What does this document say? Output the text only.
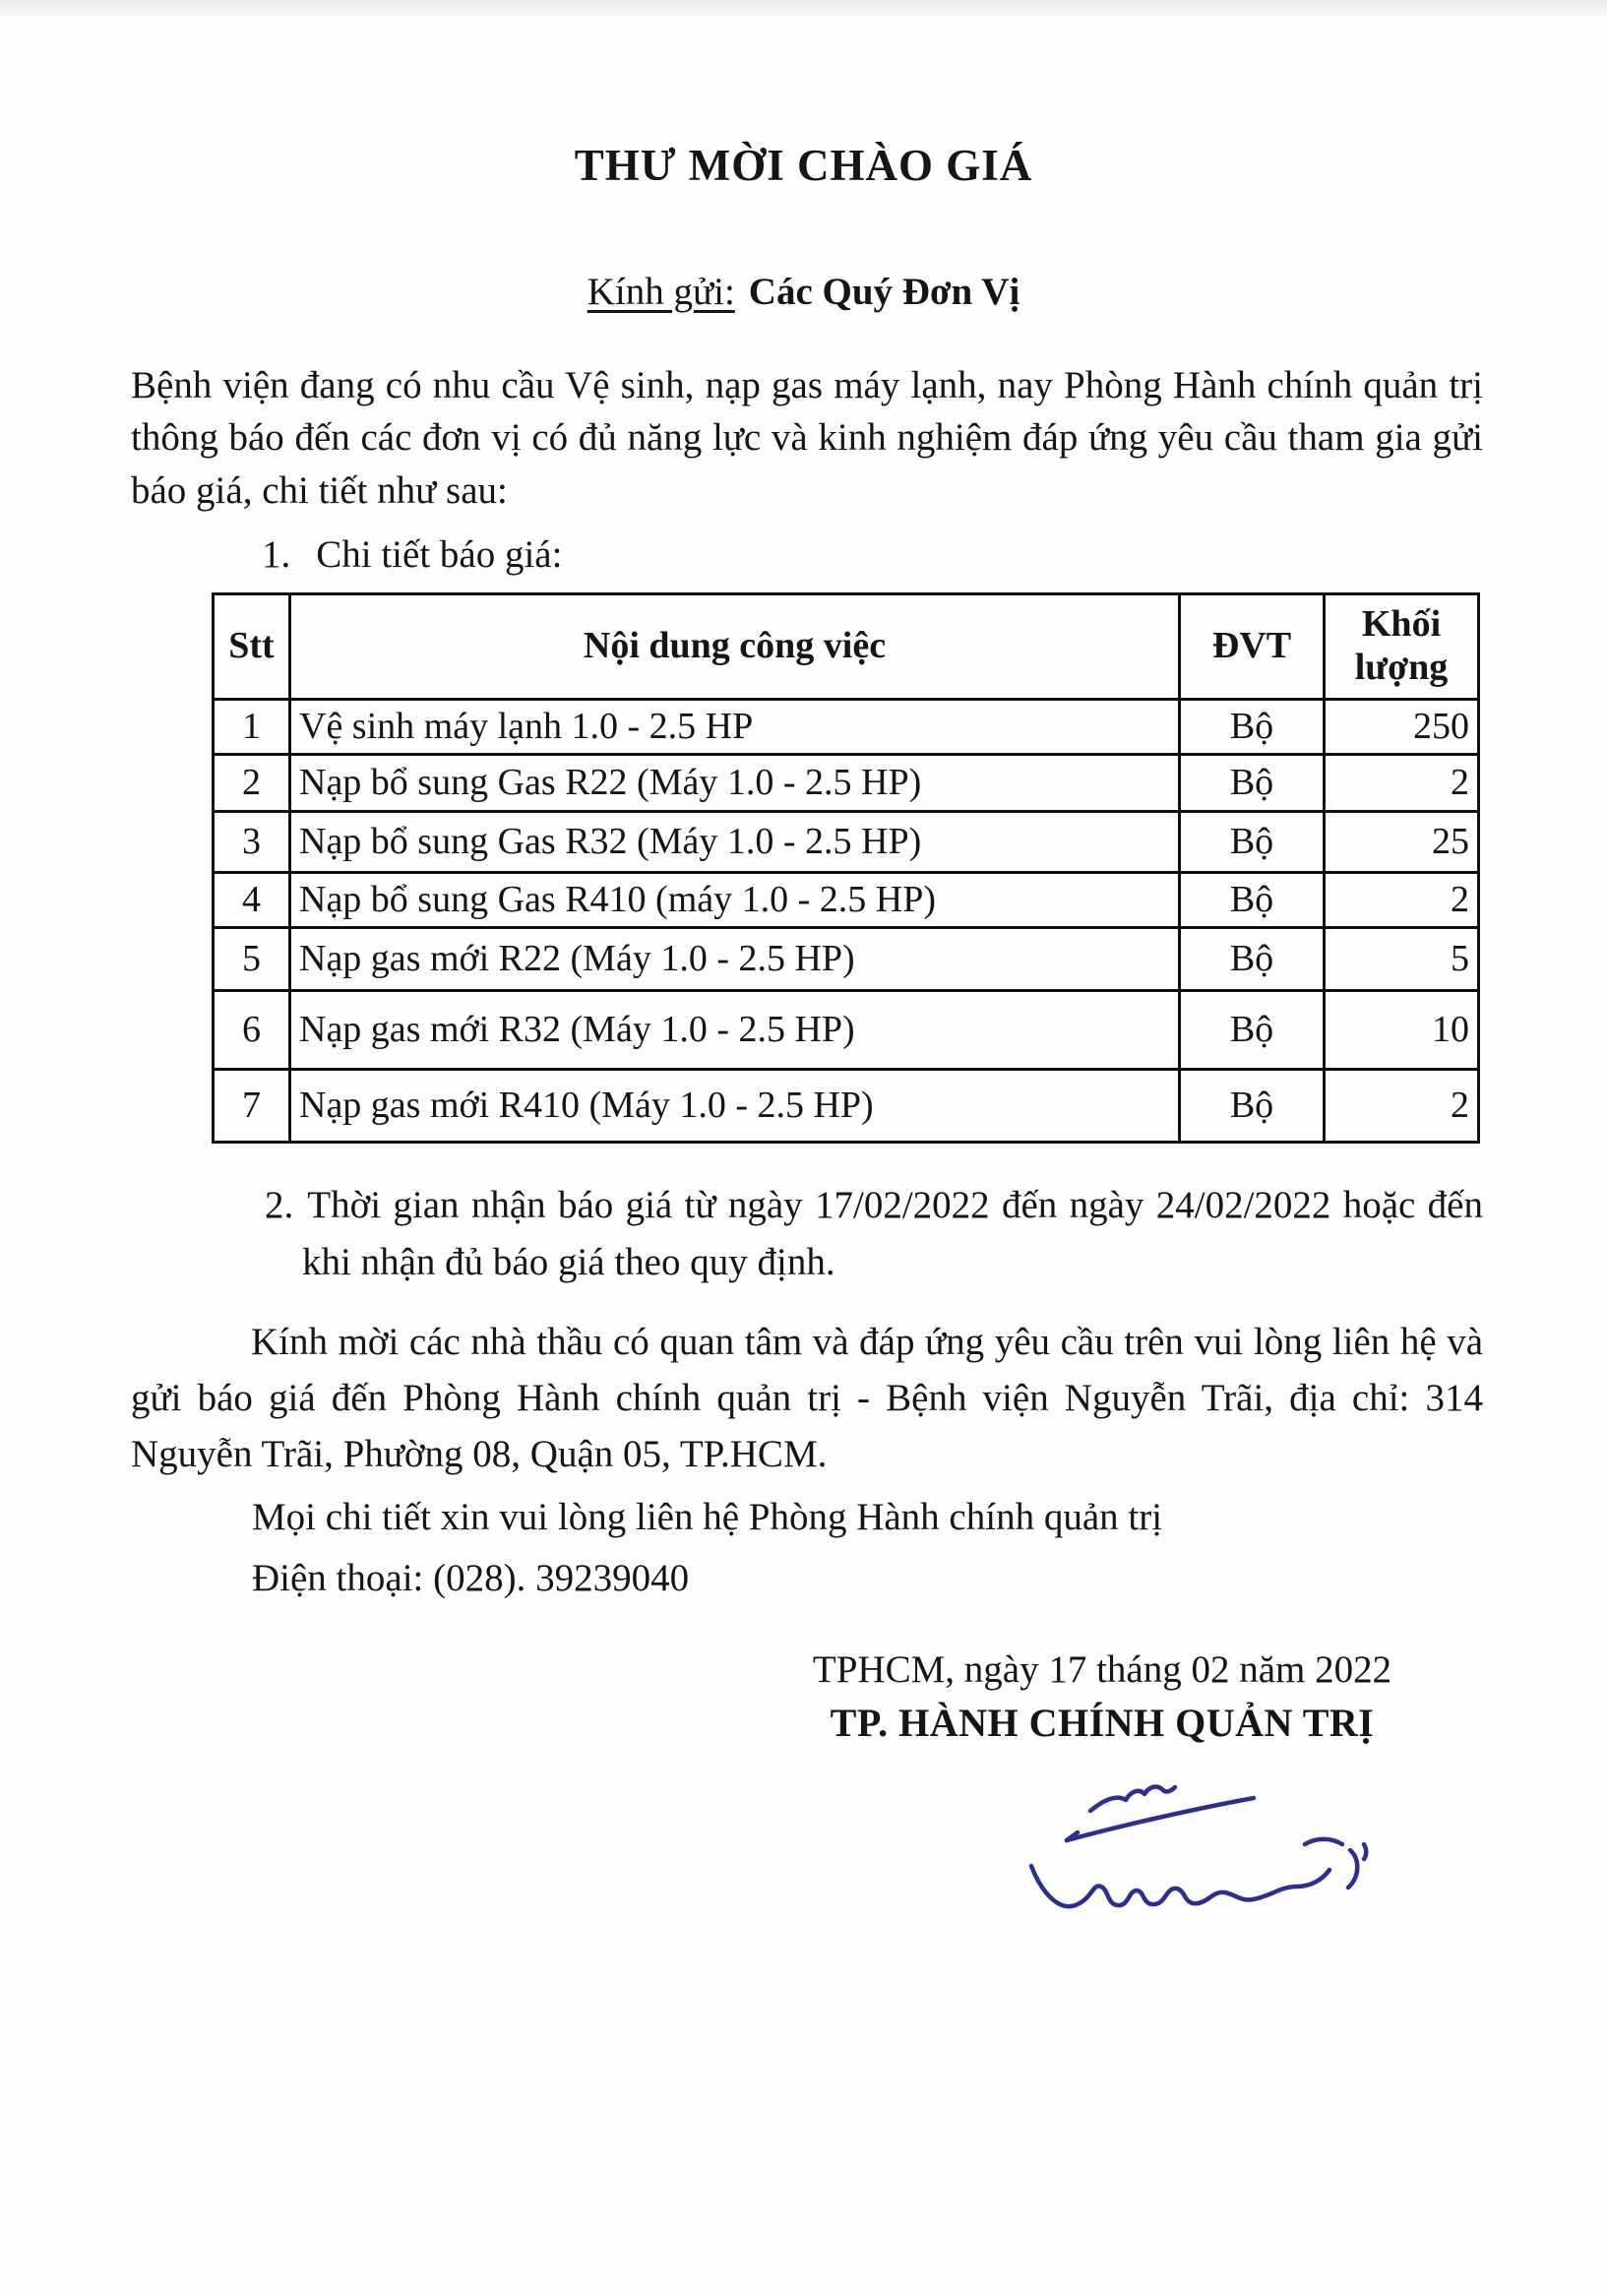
THƯ MỜI CHÀO GIÁ

Kính gửi: Các Quý Đơn Vị

Bệnh viện đang có nhu cầu Vệ sinh, nạp gas máy lạnh, nay Phòng Hành chính quản trị thông báo đến các đơn vị có đủ năng lực và kinh nghiệm đáp ứng yêu cầu tham gia gửi báo giá, chi tiết như sau:

1. Chi tiết báo giá:

Stt	Nội dung công việc	ĐVT	Khối lượng
1	Vệ sinh máy lạnh 1.0 - 2.5 HP	Bộ	250
2	Nạp bổ sung Gas R22 (Máy 1.0 - 2.5 HP)	Bộ	2
3	Nạp bổ sung Gas R32 (Máy 1.0 - 2.5 HP)	Bộ	25
4	Nạp bổ sung Gas R410 (máy 1.0 - 2.5 HP)	Bộ	2
5	Nạp gas mới R22 (Máy 1.0 - 2.5 HP)	Bộ	5
6	Nạp gas mới R32 (Máy 1.0 - 2.5 HP)	Bộ	10
7	Nạp gas mới R410 (Máy 1.0 - 2.5 HP)	Bộ	2

2. Thời gian nhận báo giá từ ngày 17/02/2022 đến ngày 24/02/2022 hoặc đến khi nhận đủ báo giá theo quy định.

Kính mời các nhà thầu có quan tâm và đáp ứng yêu cầu trên vui lòng liên hệ và gửi báo giá đến Phòng Hành chính quản trị - Bệnh viện Nguyễn Trãi, địa chỉ: 314 Nguyễn Trãi, Phường 08, Quận 05, TP.HCM.

Mọi chi tiết xin vui lòng liên hệ Phòng Hành chính quản trị

Điện thoại: (028). 39239040

TPHCM, ngày 17 tháng 02 năm 2022
TP. HÀNH CHÍNH QUẢN TRỊ
